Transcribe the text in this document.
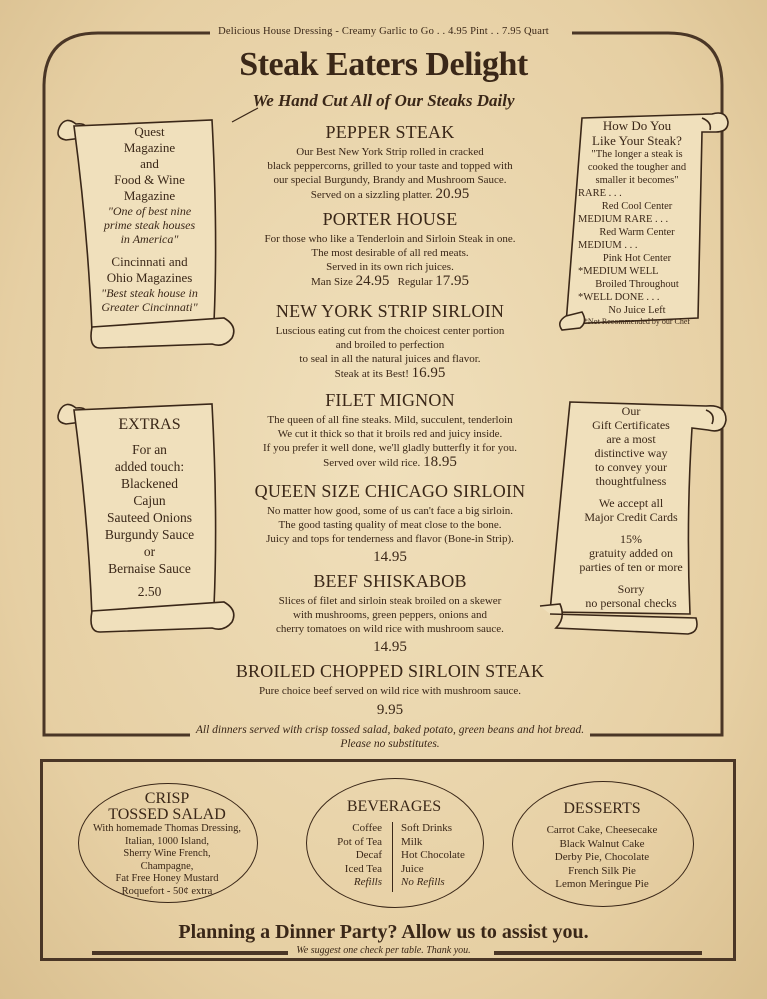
Delicious House Dressing - Creamy Garlic to Go . . 4.95 Pint . . 7.95 Quart
Steak Eaters Delight
We Hand Cut All of Our Steaks Daily
Quest
Magazine
and
Food & Wine
Magazine
"One of best nine
prime steak houses
in America"
Cincinnati and
Ohio Magazines
"Best steak house in
Greater Cincinnati"
EXTRAS
For an
added touch:
Blackened
Cajun
Sauteed Onions
Burgundy Sauce
or
Bernaise Sauce
2.50
How Do You
Like Your Steak?
"The longer a steak is
cooked the tougher and
smaller it becomes"
RARE . . .
Red Cool Center
MEDIUM RARE . . .
Red Warm Center
MEDIUM . . .
Pink Hot Center
*MEDIUM WELL
Broiled Throughout
*WELL DONE . . .
No Juice Left
*Not Recommended by our Chef
Our
Gift Certificates
are a most
distinctive way
to convey your
thoughtfulness
We accept all
Major Credit Cards
15%
gratuity added on
parties of ten or more
Sorry
no personal checks
PEPPER STEAK

Our Best New York Strip rolled in cracked
black peppercorns, grilled to your taste and topped with
our special Burgundy, Brandy and Mushroom Sauce.
Served on a sizzling platter. 20.95

PORTER HOUSE

For those who like a Tenderloin and Sirloin Steak in one.
The most desirable of all red meats.
Served in its own rich juices.
Man Size 24.95 Regular 17.95

NEW YORK STRIP SIRLOIN

Luscious eating cut from the choicest center portion
and broiled to perfection
to seal in all the natural juices and flavor.
Steak at its Best! 16.95

FILET MIGNON

The queen of all fine steaks. Mild, succulent, tenderloin
We cut it thick so that it broils red and juicy inside.
If you prefer it well done, we'll gladly butterfly it for you.
Served over wild rice. 18.95

QUEEN SIZE CHICAGO SIRLOIN

No matter how good, some of us can't face a big sirloin.
The good tasting quality of meat close to the bone.
Juicy and tops for tenderness and flavor (Bone-in Strip).
14.95

BEEF SHISKABOB

Slices of filet and sirloin steak broiled on a skewer
with mushrooms, green peppers, onions and
cherry tomatoes on wild rice with mushroom sauce.
14.95

BROILED CHOPPED SIRLOIN STEAK

Pure choice beef served on wild rice with mushroom sauce.
9.95

All dinners served with crisp tossed salad, baked potato, green beans and hot bread.
Please no substitutes.
CRISP
TOSSED SALAD
With homemade Thomas Dressing,
Italian, 1000 Island,
Sherry Wine French,
Champagne,
Fat Free Honey Mustard
Roquefort - 50¢ extra
BEVERAGES
Coffee
Pot of Tea
Decaf
Iced Tea
Refills
Soft Drinks
Milk
Hot Chocolate
Juice
No Refills
DESSERTS
Carrot Cake, Cheesecake
Black Walnut Cake
Derby Pie, Chocolate
French Silk Pie
Lemon Meringue Pie
Planning a Dinner Party? Allow us to assist you.
We suggest one check per table. Thank you.
